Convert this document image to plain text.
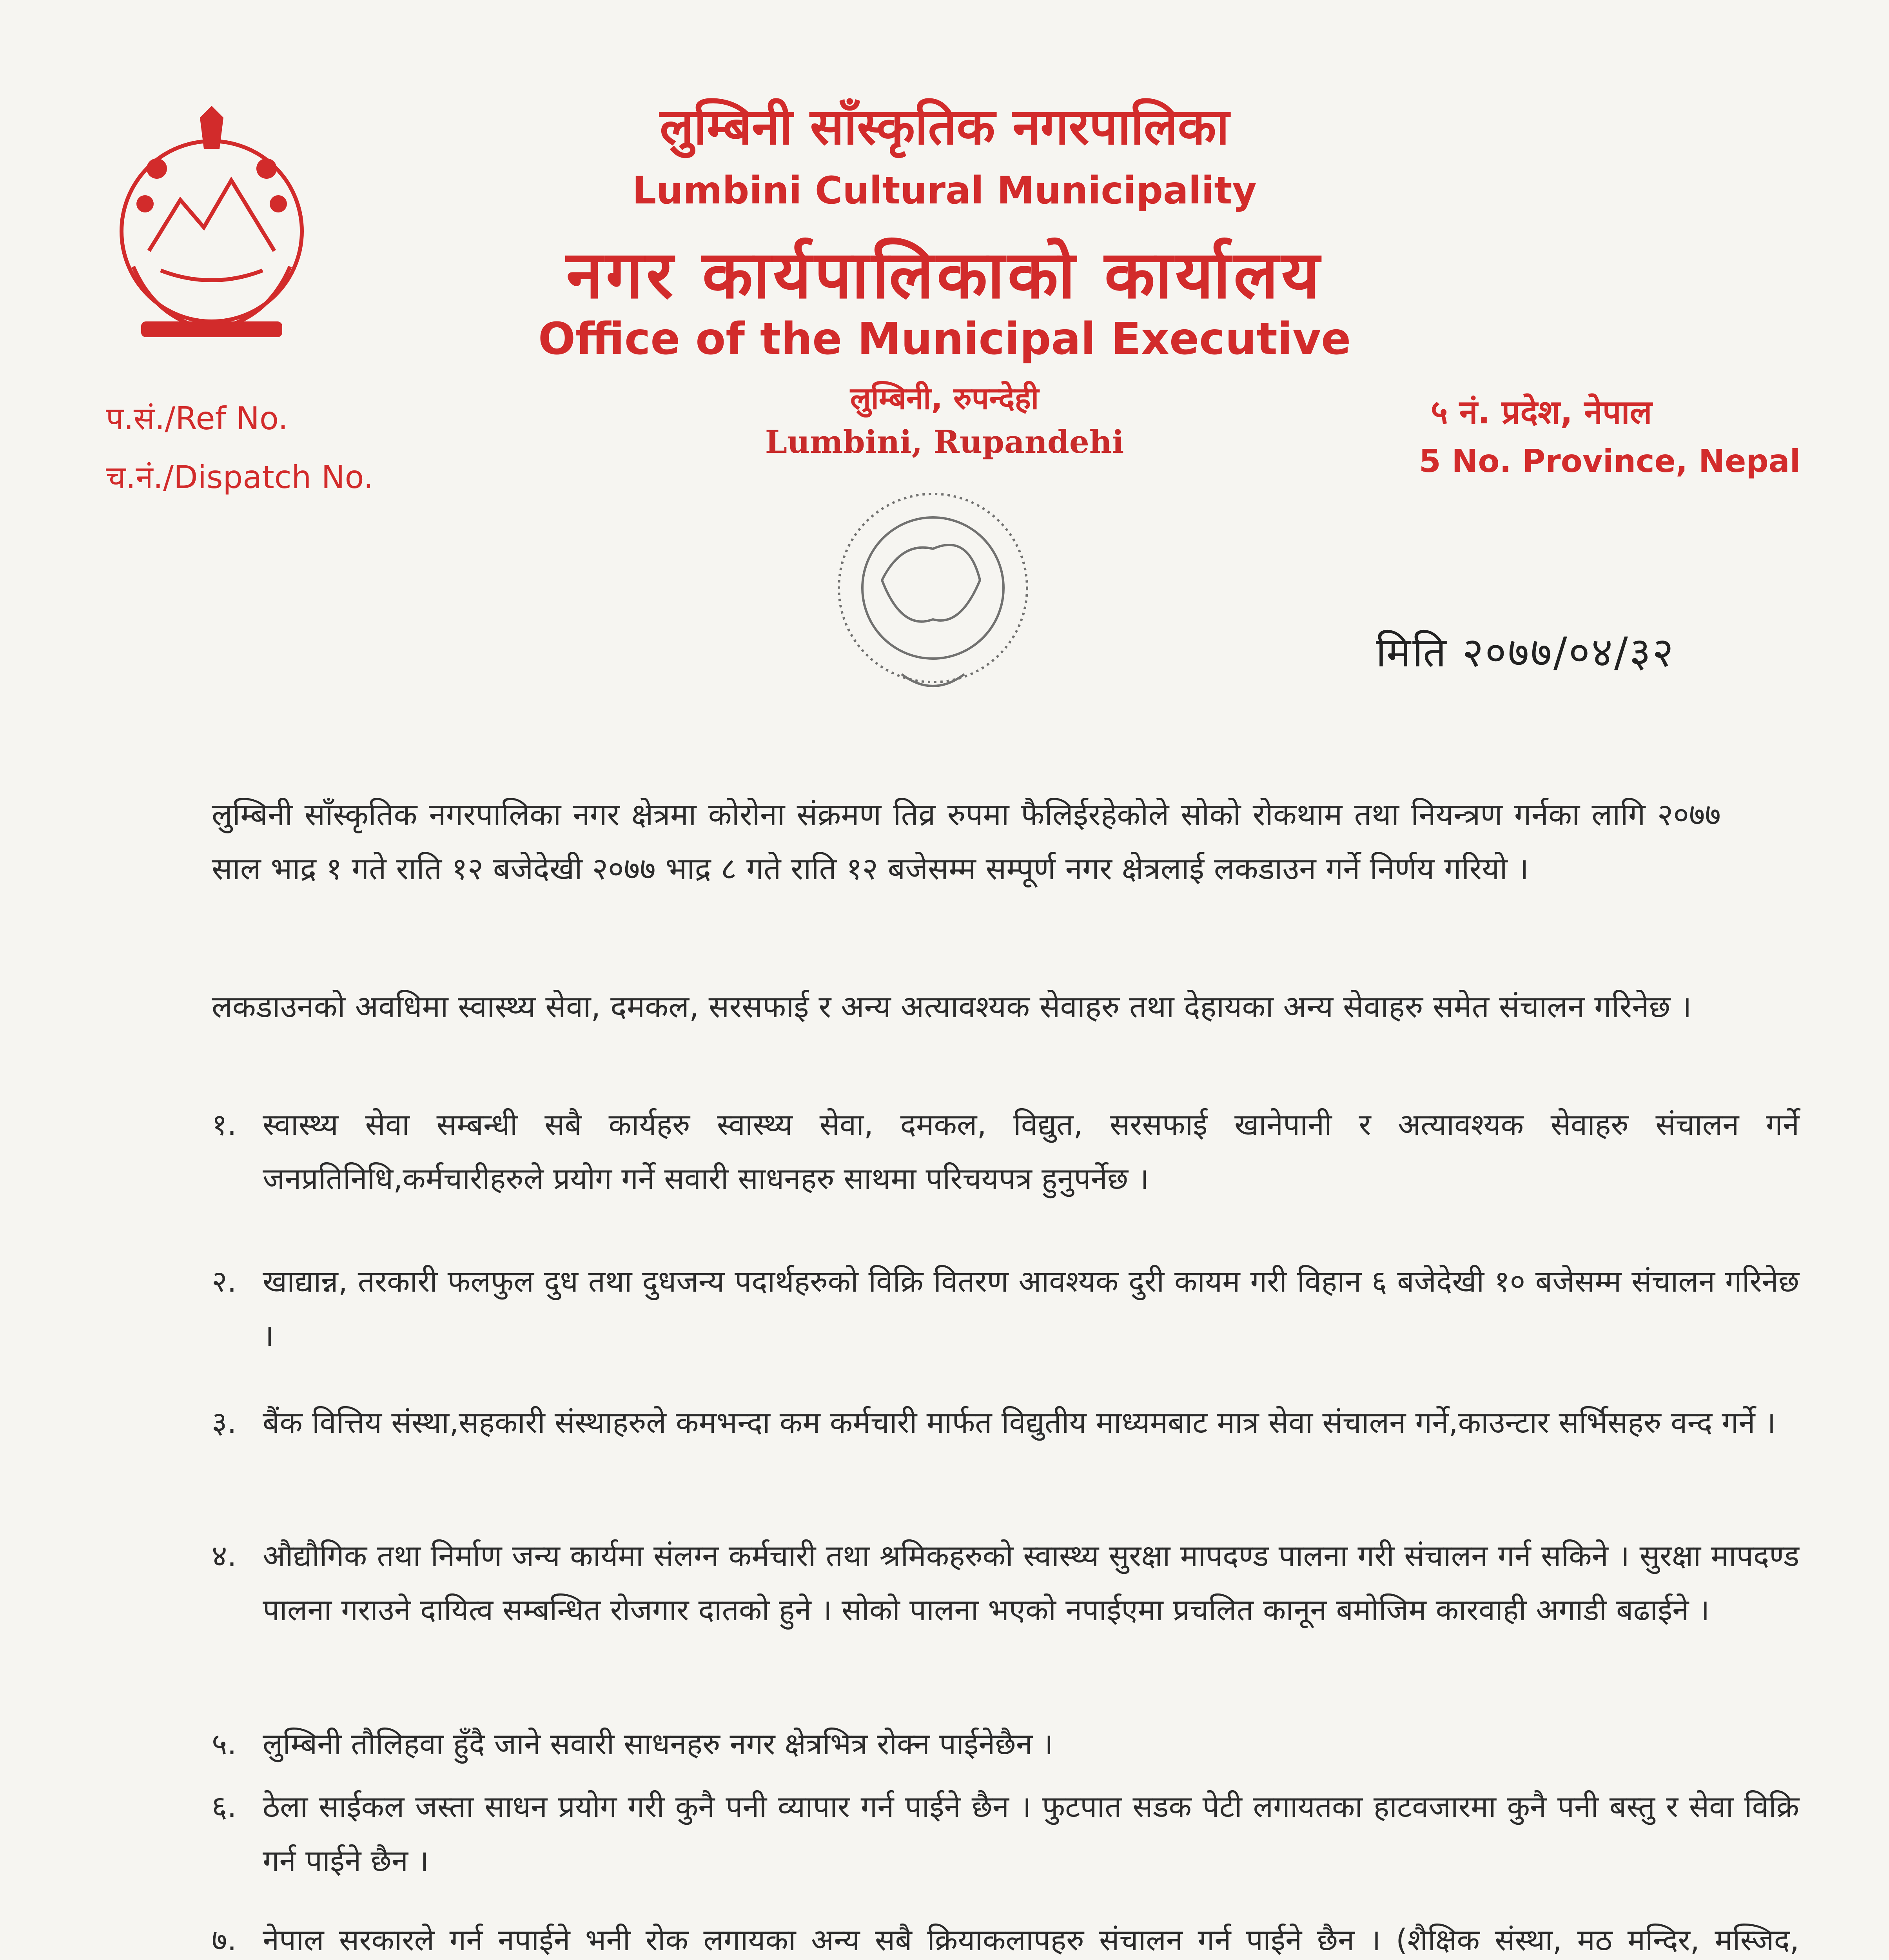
लुम्बिनी साँस्कृतिक नगरपालिका
Lumbini Cultural Municipality
नगर कार्यपालिकाको कार्यालय
Office of the Municipal Executive
लुम्बिनी, रुपन्देही
Lumbini, Rupandehi
प.सं./Ref No.
च.नं./Dispatch No.
५ नं. प्रदेश, नेपाल
5 No. Province, Nepal
मिति २०७७/०४/३२
लुम्बिनी साँस्कृतिक नगरपालिका नगर क्षेत्रमा कोरोना संक्रमण तिव्र रुपमा फैलिईरहेकोले सोको रोकथाम तथा नियन्त्रण गर्नका लागि २०७७ साल भाद्र १ गते राति १२ बजेदेखी २०७७ भाद्र ८ गते राति १२ बजेसम्म सम्पूर्ण नगर क्षेत्रलाई लकडाउन गर्ने निर्णय गरियो ।
लकडाउनको अवधिमा स्वास्थ्य सेवा, दमकल, सरसफाई र अन्य अत्यावश्यक सेवाहरु तथा देहायका अन्य सेवाहरु समेत संचालन गरिनेछ ।
१. स्वास्थ्य सेवा सम्बन्धी सबै कार्यहरु स्वास्थ्य सेवा, दमकल, विद्युत, सरसफाई खानेपानी र अत्यावश्यक सेवाहरु संचालन गर्ने जनप्रतिनिधि,कर्मचारीहरुले प्रयोग गर्ने सवारी साधनहरु साथमा परिचयपत्र हुनुपर्नेछ ।
२. खाद्यान्न, तरकारी फलफुल दुध तथा दुधजन्य पदार्थहरुको विक्रि वितरण आवश्यक दुरी कायम गरी विहान ६ बजेदेखी १० बजेसम्म संचालन गरिनेछ ।
३. बैंक वित्तिय संस्था,सहकारी संस्थाहरुले कमभन्दा कम कर्मचारी मार्फत विद्युतीय माध्यमबाट मात्र सेवा संचालन गर्ने,काउन्टार सर्भिसहरु वन्द गर्ने ।
४. औद्यौगिक तथा निर्माण जन्य कार्यमा संलग्न कर्मचारी तथा श्रमिकहरुको स्वास्थ्य सुरक्षा मापदण्ड पालना गरी संचालन गर्न सकिने । सुरक्षा मापदण्ड पालना गराउने दायित्व सम्बन्धित रोजगार दातको हुने । सोको पालना भएको नपाईएमा प्रचलित कानून बमोजिम कारवाही अगाडी बढाईने ।
५. लुम्बिनी तौलिहवा हुँदै जाने सवारी साधनहरु नगर क्षेत्रभित्र रोक्न पाईनेछैन ।
६. ठेला साईकल जस्ता साधन प्रयोग गरी कुनै पनी व्यापार गर्न पाईने छैन । फुटपात सडक पेटी लगायतका हाटवजारमा कुनै पनी बस्तु र सेवा विक्रि गर्न पाईने छैन ।
७. नेपाल सरकारले गर्न नपाईने भनी रोक लगायका अन्य सबै क्रियाकलापहरु संचालन गर्न पाईने छैन । (शैक्षिक संस्था, मठ मन्दिर, मस्जिद,
